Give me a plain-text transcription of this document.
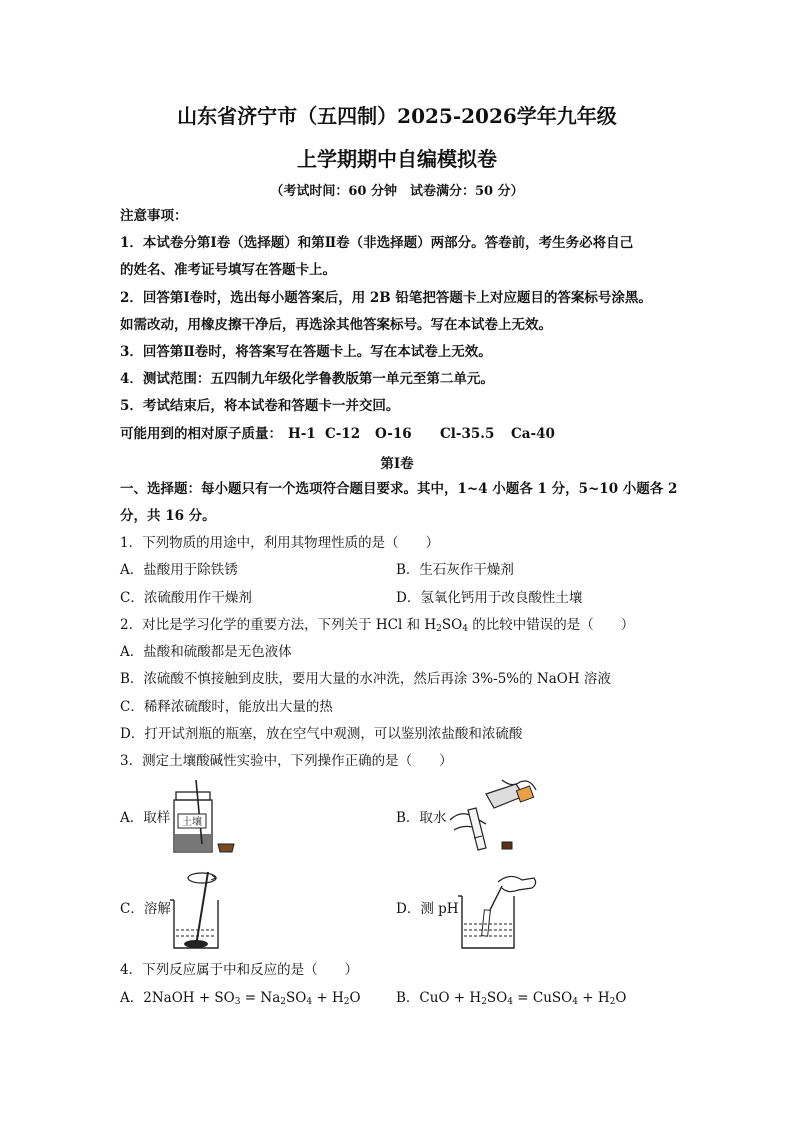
山东省济宁市（五四制）2025-2026学年九年级
上学期期中自编模拟卷
（考试时间：60 分钟　试卷满分：50 分）
注意事项：
1．本试卷分第Ⅰ卷（选择题）和第Ⅱ卷（非选择题）两部分。答卷前，考生务必将自己
的姓名、准考证号填写在答题卡上。
2．回答第Ⅰ卷时，选出每小题答案后，用 2B 铅笔把答题卡上对应题目的答案标号涂黑。
如需改动，用橡皮擦干净后，再选涂其他答案标号。写在本试卷上无效。
3．回答第Ⅱ卷时，将答案写在答题卡上。写在本试卷上无效。
4．测试范围：五四制九年级化学鲁教版第一单元至第二单元。
5．考试结束后，将本试卷和答题卡一并交回。
可能用到的相对原子质量： H-1 C-12 O-16 Cl-35.5 Ca-40
第Ⅰ卷
一、选择题：每小题只有一个选项符合题目要求。其中，1~4 小题各 1 分，5~10 小题各 2
分，共 16 分。
1．下列物质的用途中，利用其物理性质的是（　　）
A．盐酸用于除铁锈	B．生石灰作干燥剂
C．浓硫酸用作干燥剂	D．氢氧化钙用于改良酸性土壤
2．对比是学习化学的重要方法，下列关于 HCl 和 $H_2SO_4$ 的比较中错误的是（　　）
A．盐酸和硫酸都是无色液体
B．浓硫酸不慎接触到皮肤，要用大量的水冲洗，然后再涂 3%-5%的 NaOH 溶液
C．稀释浓硫酸时，能放出大量的热
D．打开试剂瓶的瓶塞，放在空气中观测，可以鉴别浓盐酸和浓硫酸
3．测定土壤酸碱性实验中，下列操作正确的是（　　）
A．取样 土壤	B．取水
C．溶解	D．测 pH
4．下列反应属于中和反应的是（　　）
A．2NaOH + $SO_3 = Na_2SO_4 + H_2O$	B．CuO + $H_2SO_4$ = CuSO$_4$ + $H_2O$
